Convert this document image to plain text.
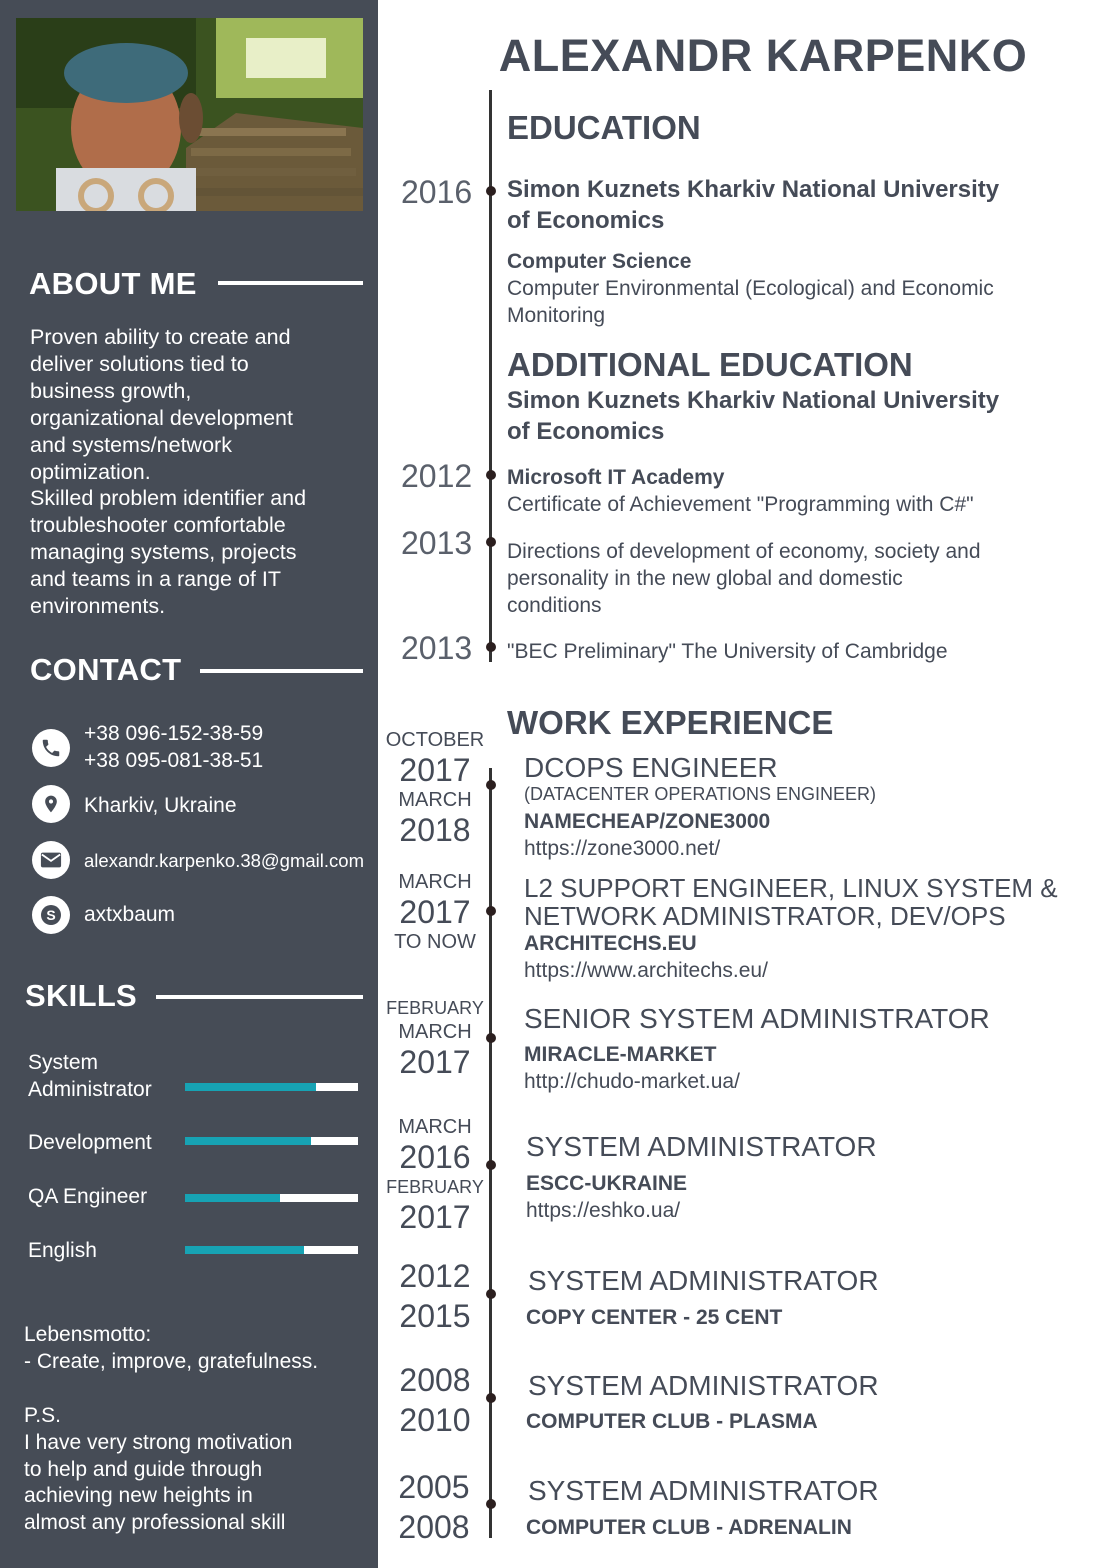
ABOUT ME
Proven ability to create and
deliver solutions tied to
business growth,
organizational development
and systems/network
optimization.
Skilled problem identifier and
troubleshooter comfortable
managing systems, projects
and teams in a range of IT
environments.
CONTACT
+38 096-152-38-59
+38 095-081-38-51
Kharkiv, Ukraine
alexandr.karpenko.38@gmail.com
S axtxbaum
SKILLS
System
Administrator
Development
QA Engineer
English
Lebensmotto:
- Create, improve, gratefulness.

P.S.
I have very strong motivation
to help and guide through
achieving new heights in
almost any professional skill
ALEXANDR KARPENKO
EDUCATION
2016 Simon Kuznets Kharkiv National University
of Economics
Computer Science
Computer Environmental (Ecological) and Economic
Monitoring
ADDITIONAL EDUCATION
Simon Kuznets Kharkiv National University
of Economics
2012 Microsoft IT Academy
Certificate of Achievement "Programming with C#"
2013 Directions of development of economy, society and
personality in the new global and domestic
conditions
2013 "BEC Preliminary" The University of Cambridge
WORK EXPERIENCE
OCTOBER
2017
MARCH
2018
DCOPS ENGINEER
(DATACENTER OPERATIONS ENGINEER)
NAMECHEAP/ZONE3000
https://zone3000.net/
MARCH
2017
TO NOW
L2 SUPPORT ENGINEER, LINUX SYSTEM &
NETWORK ADMINISTRATOR, DEV/OPS
ARCHITECHS.EU
https://www.architechs.eu/
FEBRUARY
MARCH
2017
SENIOR SYSTEM ADMINISTRATOR
MIRACLE-MARKET
http://chudo-market.ua/
MARCH
2016
FEBRUARY
2017
SYSTEM ADMINISTRATOR
ESCC-UKRAINE
https://eshko.ua/
2012
2015
SYSTEM ADMINISTRATOR
COPY CENTER - 25 CENT
2008
2010
SYSTEM ADMINISTRATOR
COMPUTER CLUB - PLASMA
2005
2008
SYSTEM ADMINISTRATOR
COMPUTER CLUB - ADRENALIN
